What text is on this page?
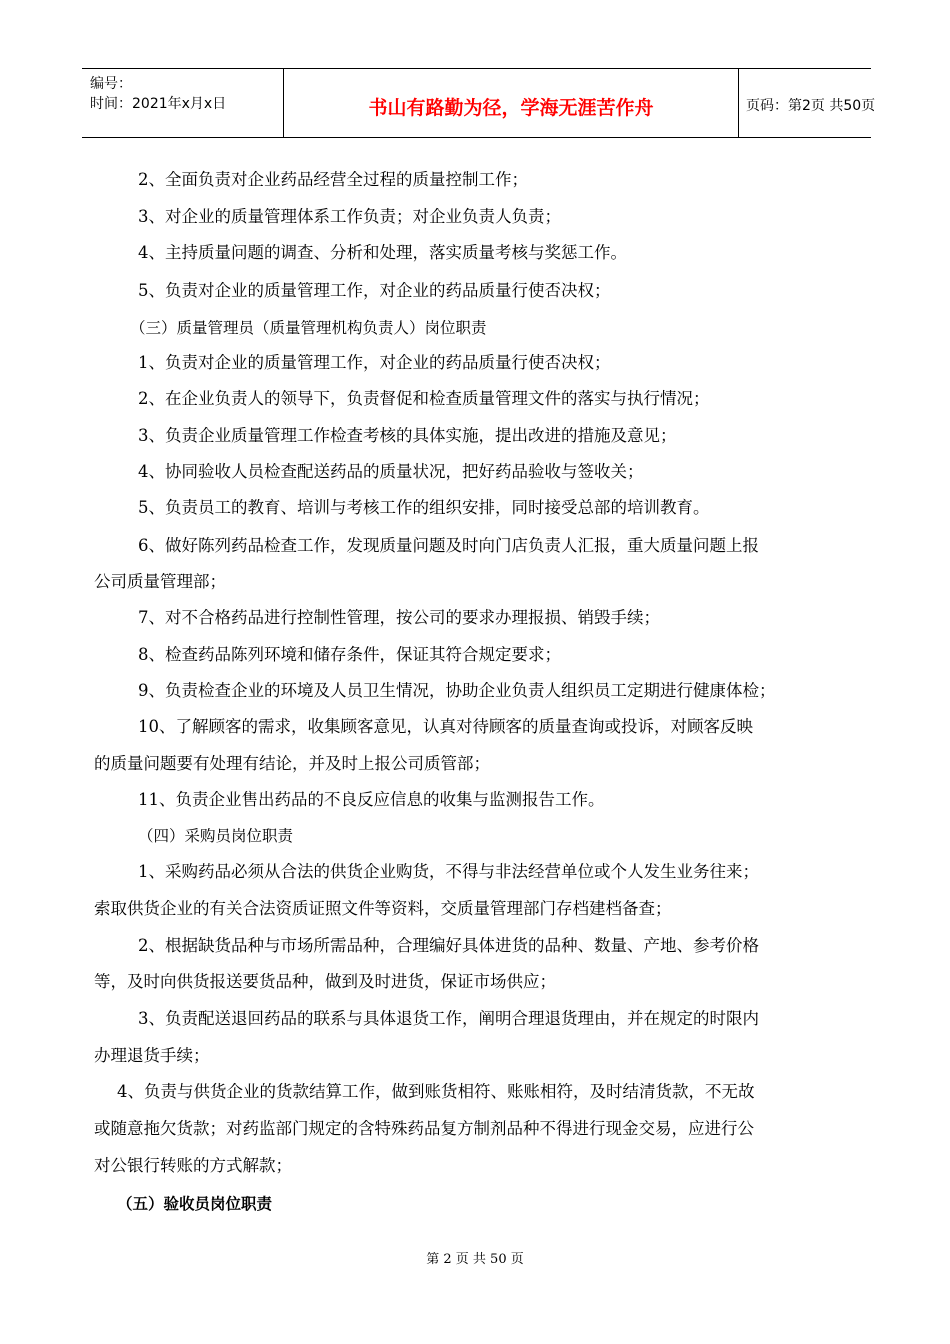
编号：
时间：2021年x月x日	书山有路勤为径，学海无涯苦作舟	页码：第2页 共50页
2、全面负责对企业药品经营全过程的质量控制工作；
3、对企业的质量管理体系工作负责；对企业负责人负责；
4、主持质量问题的调查、分析和处理，落实质量考核与奖惩工作。
5、负责对企业的质量管理工作，对企业的药品质量行使否决权；
（三）质量管理员（质量管理机构负责人）岗位职责
1、负责对企业的质量管理工作，对企业的药品质量行使否决权；
2、在企业负责人的领导下，负责督促和检查质量管理文件的落实与执行情况；
3、负责企业质量管理工作检查考核的具体实施，提出改进的措施及意见；
4、协同验收人员检查配送药品的质量状况，把好药品验收与签收关；
5、负责员工的教育、培训与考核工作的组织安排，同时接受总部的培训教育。
6、做好陈列药品检查工作，发现质量问题及时向门店负责人汇报，重大质量问题上报
公司质量管理部；
7、对不合格药品进行控制性管理，按公司的要求办理报损、销毁手续；
8、检查药品陈列环境和储存条件，保证其符合规定要求；
9、负责检查企业的环境及人员卫生情况，协助企业负责人组织员工定期进行健康体检；
10、了解顾客的需求，收集顾客意见，认真对待顾客的质量查询或投诉，对顾客反映
的质量问题要有处理有结论，并及时上报公司质管部；
11、负责企业售出药品的不良反应信息的收集与监测报告工作。
（四）采购员岗位职责
1、采购药品必须从合法的供货企业购货，不得与非法经营单位或个人发生业务往来；
索取供货企业的有关合法资质证照文件等资料，交质量管理部门存档建档备查；
2、根据缺货品种与市场所需品种，合理编好具体进货的品种、数量、产地、参考价格
等，及时向供货报送要货品种，做到及时进货，保证市场供应；
3、负责配送退回药品的联系与具体退货工作，阐明合理退货理由，并在规定的时限内
办理退货手续；
4、负责与供货企业的货款结算工作，做到账货相符、账账相符，及时结清货款，不无故
或随意拖欠货款；对药监部门规定的含特殊药品复方制剂品种不得进行现金交易，应进行公
对公银行转账的方式解款；
（五）验收员岗位职责
第 2 页 共 50 页
